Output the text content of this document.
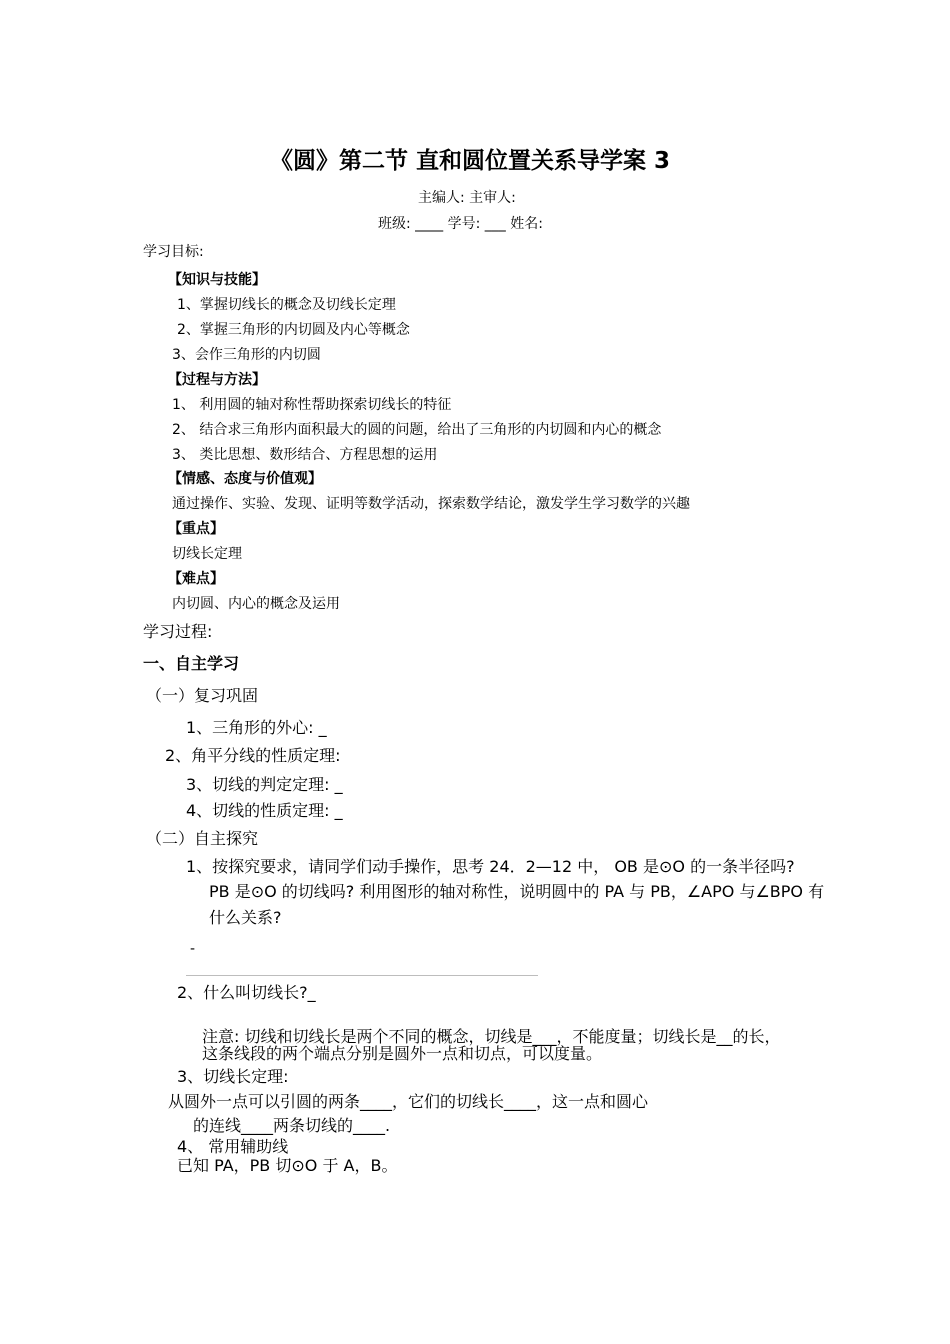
《圆》第二节 直和圆位置关系导学案 3
主编人: 主审人:
班级: ____ 学号: ___ 姓名:
学习目标:
【知识与技能】
1、掌握切线长的概念及切线长定理
2、掌握三角形的内切圆及内心等概念
3、会作三角形的内切圆
【过程与方法】
1、 利用圆的轴对称性帮助探索切线长的特征
2、 结合求三角形内面积最大的圆的问题，给出了三角形的内切圆和内心的概念
3、 类比思想、数形结合、方程思想的运用
【情感、态度与价值观】
通过操作、实验、发现、证明等数学活动，探索数学结论，激发学生学习数学的兴趣
【重点】
切线长定理
【难点】
内切圆、内心的概念及运用
学习过程:
一、自主学习
（一）复习巩固
1、三角形的外心: _
2、角平分线的性质定理:
3、切线的判定定理: _
4、切线的性质定理: _
（二）自主探究
1、按探究要求，请同学们动手操作，思考 24．2—12 中， OB 是⊙O 的一条半径吗?
PB 是⊙O 的切线吗? 利用图形的轴对称性，说明圆中的 PA 与 PB，∠APO 与∠BPO 有
什么关系?
-
2、什么叫切线长?_
注意: 切线和切线长是两个不同的概念，切线是___，不能度量；切线长是__的长，
这条线段的两个端点分别是圆外一点和切点，可以度量。
3、切线长定理:
从圆外一点可以引圆的两条____，它们的切线长____，这一点和圆心
的连线____两条切线的____.
4、 常用辅助线
已知 PA，PB 切⊙O 于 A，B。
